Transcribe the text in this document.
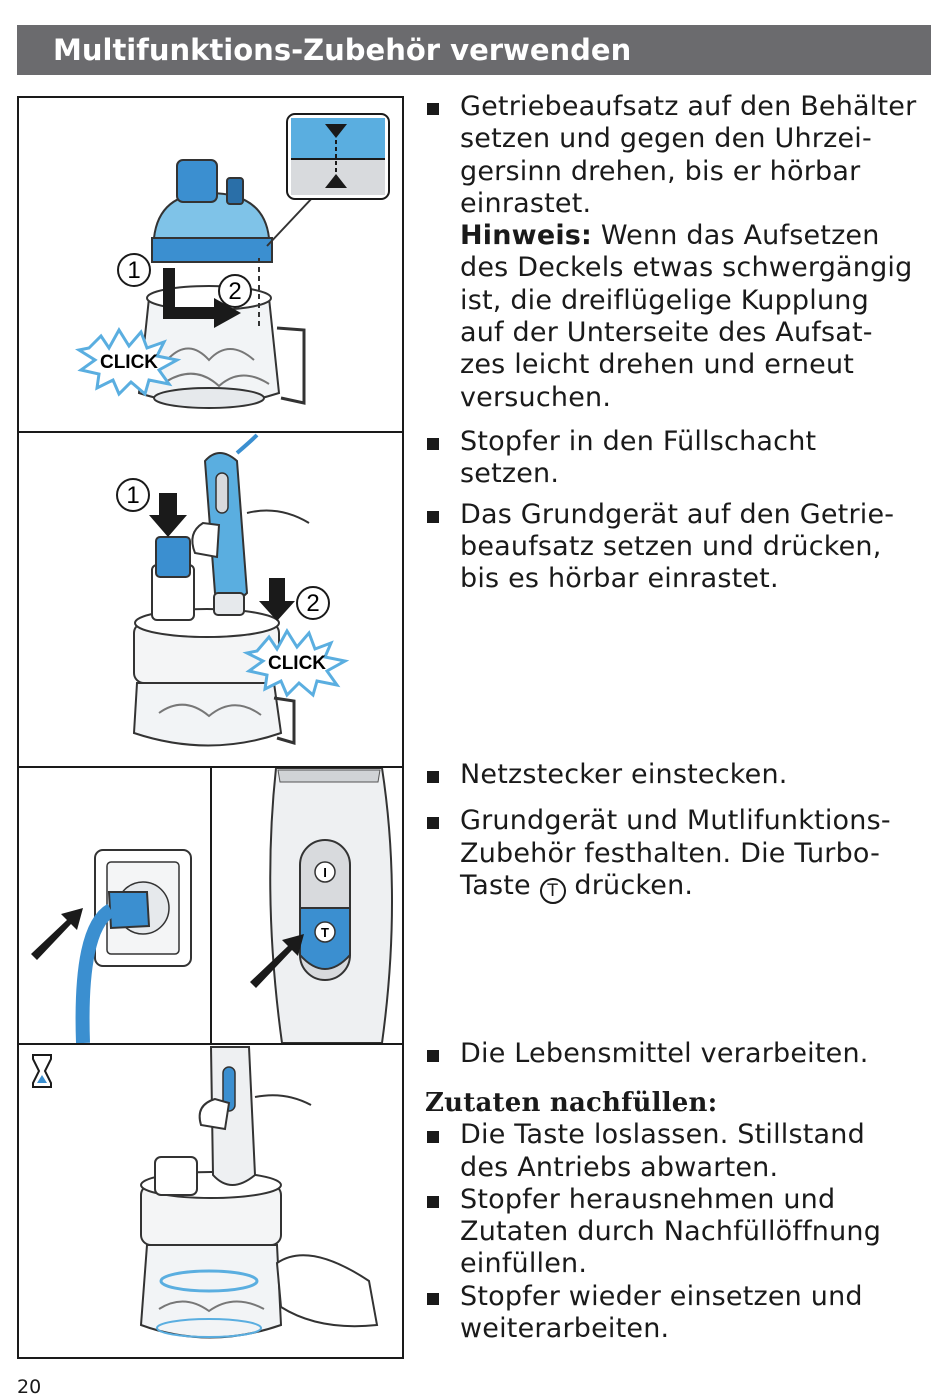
Multifunktions-Zubehör verwenden
1
2
CLICK
1
2
CLICK
I
T
Getriebeaufsatz auf den Behälter
setzen und gegen den Uhrzei-
gersinn drehen, bis er hörbar
einrastet.
Hinweis: Wenn das Aufsetzen
des Deckels etwas schwergängig
ist, die dreiflügelige Kupplung
auf der Unterseite des Aufsat-
zes leicht drehen und erneut
versuchen.
Stopfer in den Füllschacht
setzen.
Das Grundgerät auf den Getrie-
beaufsatz setzen und drücken,
bis es hörbar einrastet.
Netzstecker einstecken.
Grundgerät und Mutlifunktions-
Zubehör festhalten. Die Turbo-
Taste T drücken.
Die Lebensmittel verarbeiten.
Zutaten nachfüllen:
Die Taste loslassen. Stillstand
des Antriebs abwarten.
Stopfer herausnehmen und
Zutaten durch Nachfüllöffnung
einfüllen.
Stopfer wieder einsetzen und
weiterarbeiten.
20
